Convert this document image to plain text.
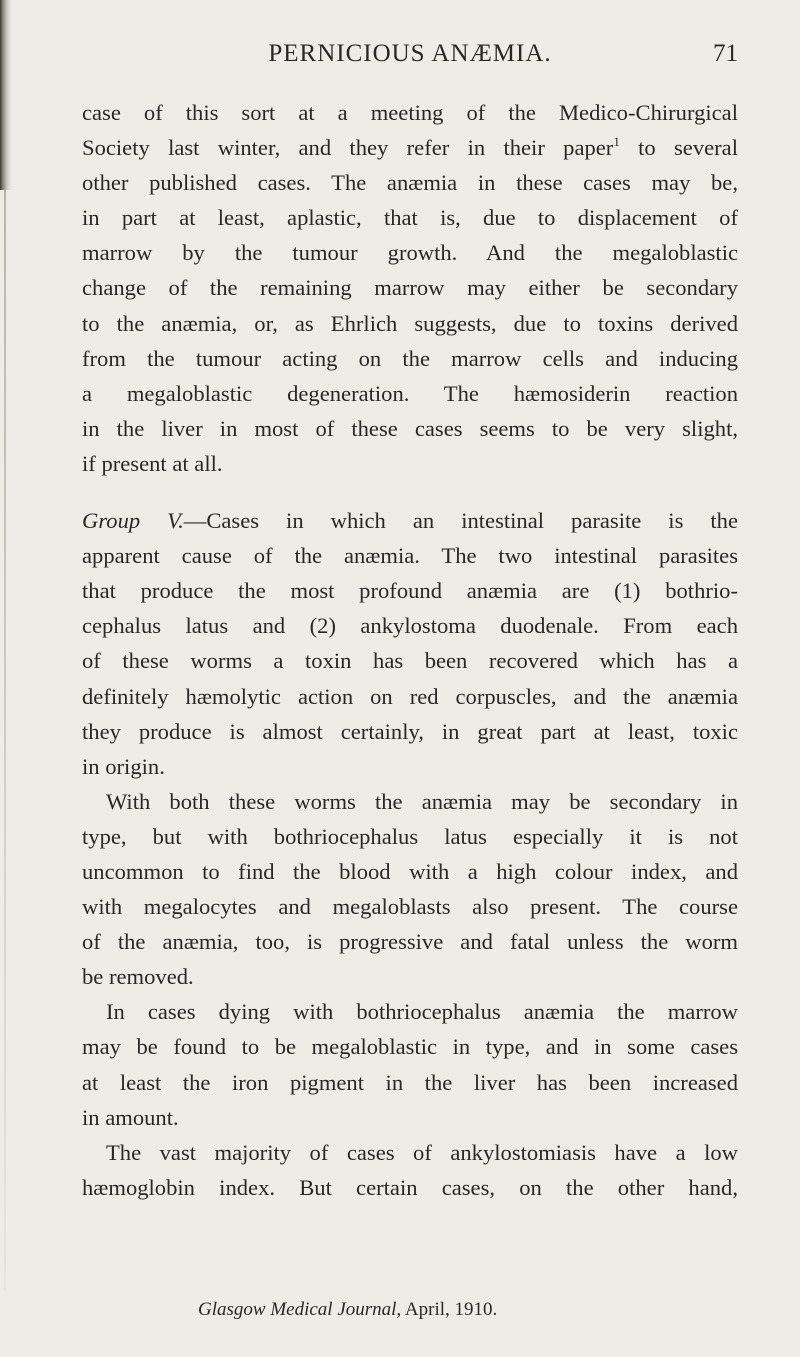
PERNICIOUS ANÆMIA.	71
case of this sort at a meeting of the Medico-Chirurgical
Society last winter, and they refer in their paper$^1$ to several
other published cases. The anæmia in these cases may be,
in part at least, aplastic, that is, due to displacement of
marrow by the tumour growth. And the megaloblastic
change of the remaining marrow may either be secondary
to the anæmia, or, as Ehrlich suggests, due to toxins derived
from the tumour acting on the marrow cells and inducing
a megaloblastic degeneration. The hæmosiderin reaction
in the liver in most of these cases seems to be very slight,
if present at all.
Group V.—Cases in which an intestinal parasite is the
apparent cause of the anæmia. The two intestinal parasites
that produce the most profound anæmia are (1) bothrio-
cephalus latus and (2) ankylostoma duodenale. From each
of these worms a toxin has been recovered which has a
definitely hæmolytic action on red corpuscles, and the anæmia
they produce is almost certainly, in great part at least, toxic
in origin.
With both these worms the anæmia may be secondary in
type, but with bothriocephalus latus especially it is not
uncommon to find the blood with a high colour index, and
with megalocytes and megaloblasts also present. The course
of the anæmia, too, is progressive and fatal unless the worm
be removed.
In cases dying with bothriocephalus anæmia the marrow
may be found to be megaloblastic in type, and in some cases
at least the iron pigment in the liver has been increased
in amount.
The vast majority of cases of ankylostomiasis have a low
hæmoglobin index. But certain cases, on the other hand,
Glasgow Medical Journal, April, 1910.
